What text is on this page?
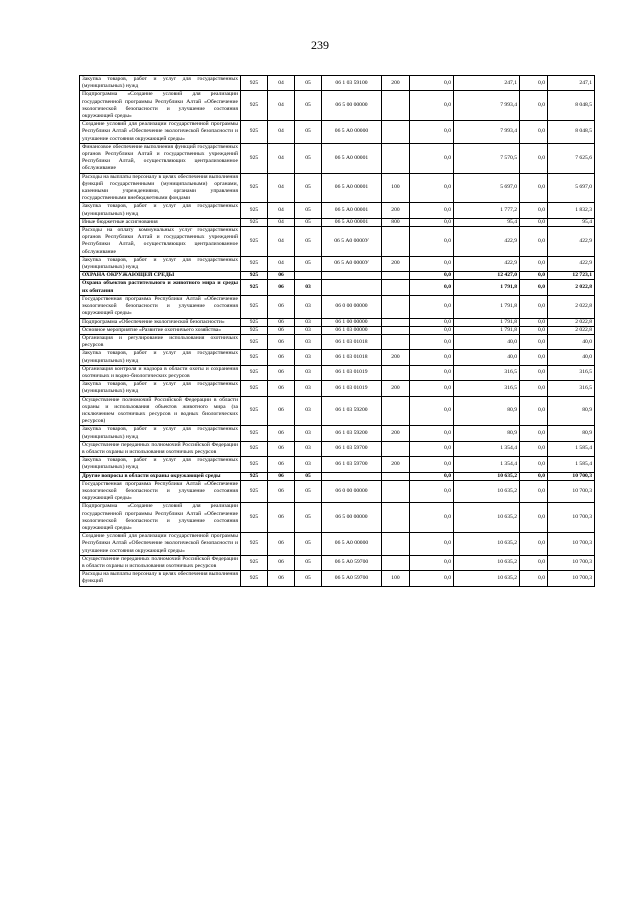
239
Закупка товаров, работ и услуг для государственных (муниципальных) нужд	925	04	05	06 1 03 59100	200	0,0	247,1	0,0	247,1
Подпрограмма «Создание условий для реализации государственной программы Республики Алтай «Обеспечение экологической безопасности и улучшение состояния окружающей среды»	925	04	05	06 5 00 00000		0,0	7 993,4	0,0	8 048,5
Создание условий для реализации государственной программы Республики Алтай «Обеспечение экологической безопасности и улучшение состояния окружающей среды»	925	04	05	06 5 А0 00000		0,0	7 993,4	0,0	8 048,5
Финансовое обеспечение выполнения функций государственных органов Республики Алтай и государственных учреждений Республики Алтай, осуществляющих централизованное обслуживание	925	04	05	06 5 А0 00001		0,0	7 570,5	0,0	7 625,6
Расходы на выплаты персоналу в целях обеспечения выполнения функций государственными (муниципальными) органами, казенными учреждениями, органами управления государственными внебюджетными фондами	925	04	05	06 5 А0 00001	100	0,0	5 697,0	0,0	5 697,0
Закупка товаров, работ и услуг для государственных (муниципальных) нужд	925	04	05	06 5 А0 00001	200	0,0	1 777,2	0,0	1 832,3
Иные бюджетные ассигнования	925	04	05	06 5 А0 00001	800	0,0	95,4	0,0	95,4
Расходы на оплату коммунальных услуг государственных органов Республики Алтай и государственных учреждений Республики Алтай, осуществляющих централизованное обслуживание	925	04	05	06 5 А0 0000У		0,0	422,9	0,0	422,9
Закупка товаров, работ и услуг для государственных (муниципальных) нужд	925	04	05	06 5 А0 0000У	200	0,0	422,9	0,0	422,9
ОХРАНА ОКРУЖАЮЩЕЙ СРЕДЫ	925	06				0,0	12 427,0	0,0	12 723,1
Охрана объектов растительного и животного мира и среды их обитания	925	06	03			0,0	1 791,8	0,0	2 022,8
Государственная программа Республики Алтай «Обеспечение экологической безопасности и улучшение состояния окружающей среды»	925	06	03	06 0 00 00000		0,0	1 791,8	0,0	2 022,8
Подпрограмма «Обеспечение экологической безопасности»	925	06	03	06 1 00 00000		0,0	1 791,8	0,0	2 022,8
Основное мероприятие «Развитие охотничьего хозяйства»	925	06	03	06 1 03 00000		0,0	1 791,8	0,0	2 022,8
Организация и регулирование использования охотничьих ресурсов	925	06	03	06 1 03 01018		0,0	40,0	0,0	40,0
Закупка товаров, работ и услуг для государственных (муниципальных) нужд	925	06	03	06 1 03 01018	200	0,0	40,0	0,0	40,0
Организация контроля и надзора в области охоты и сохранения охотничьих и водно-биологических ресурсов	925	06	03	06 1 03 01019		0,0	316,5	0,0	316,5
Закупка товаров, работ и услуг для государственных (муниципальных) нужд	925	06	03	06 1 03 01019	200	0,0	316,5	0,0	316,5
Осуществление полномочий Российской Федерации в области охраны и использования объектов животного мира (за исключением охотничьих ресурсов и водных биологических ресурсов)	925	06	03	06 1 03 59200		0,0	80,9	0,0	80,9
Закупка товаров, работ и услуг для государственных (муниципальных) нужд	925	06	03	06 1 03 59200	200	0,0	80,9	0,0	80,9
Осуществление переданных полномочий Российской Федерации в области охраны и использования охотничьих ресурсов	925	06	03	06 1 03 59700		0,0	1 354,4	0,0	1 585,4
Закупка товаров, работ и услуг для государственных (муниципальных) нужд	925	06	03	06 1 03 59700	200	0,0	1 354,4	0,0	1 585,4
Другие вопросы в области охраны окружающей среды	925	06	05			0,0	10 635,2	0,0	10 700,3
Государственная программа Республики Алтай «Обеспечение экологической безопасности и улучшение состояния окружающей среды»	925	06	05	06 0 00 00000		0,0	10 635,2	0,0	10 700,3
Подпрограмма «Создание условий для реализации государственной программы Республики Алтай «Обеспечение экологической безопасности и улучшение состояния окружающей среды»	925	06	05	06 5 00 00000		0,0	10 635,2	0,0	10 700,3
Создание условий для реализации государственной программы Республики Алтай «Обеспечение экологической безопасности и улучшение состояния окружающей среды»	925	06	05	06 5 А0 00000		0,0	10 635,2	0,0	10 700,3
Осуществление переданных полномочий Российской Федерации в области охраны и использования охотничьих ресурсов	925	06	05	06 5 А0 59700		0,0	10 635,2	0,0	10 700,3
Расходы на выплаты персоналу в целях обеспечения выполнения функций	925	06	05	06 5 А0 59700	100	0,0	10 635,2	0,0	10 700,3
